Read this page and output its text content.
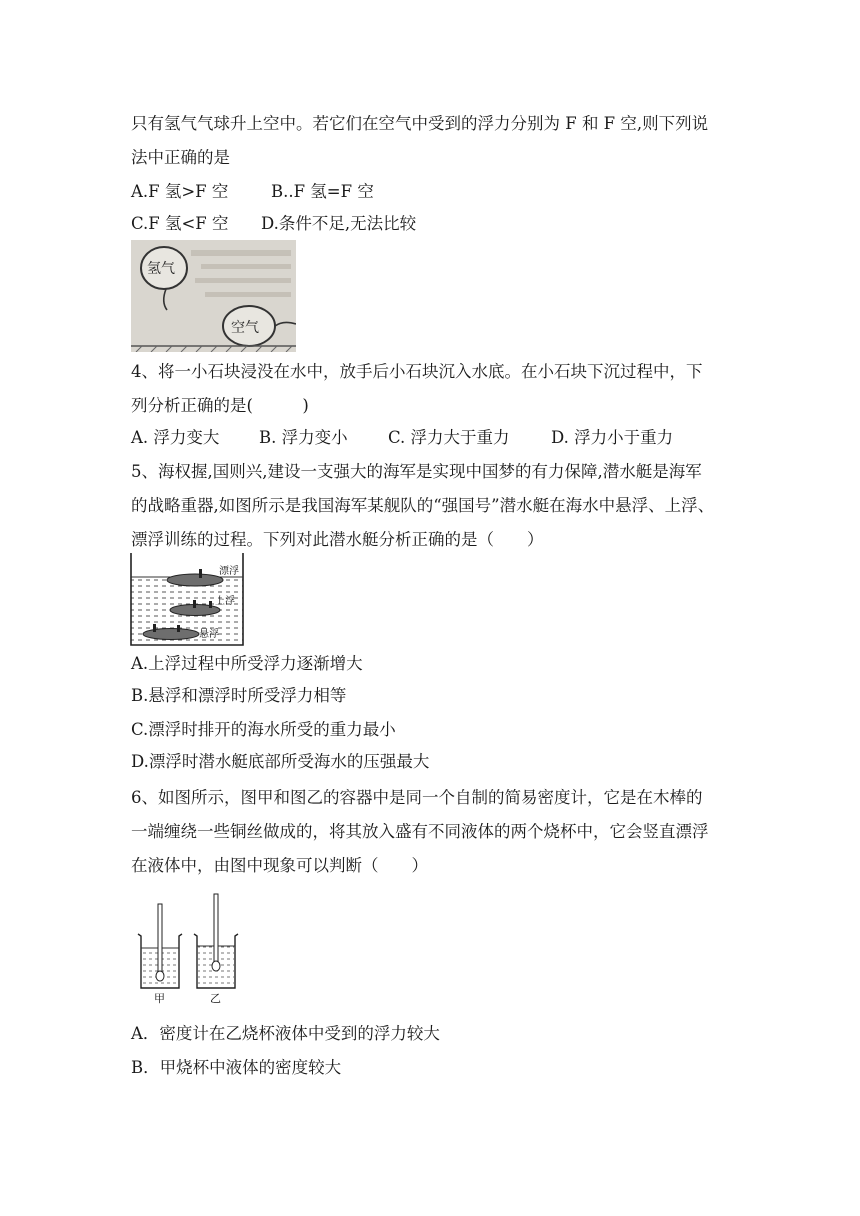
只有氢气气球升上空中。若它们在空气中受到的浮力分别为 F 和 F 空,则下列说
法中正确的是
A.F 氢>F 空	B..F 氢=F 空
C.F 氢<F 空 D.条件不足,无法比较
氢气
空气
4、将一小石块浸没在水中，放手后小石块沉入水底。在小石块下沉过程中，下
列分析正确的是(　　　)
A. 浮力变大 B. 浮力变小 C. 浮力大于重力	D. 浮力小于重力
5、海权握,国则兴,建设一支强大的海军是实现中国梦的有力保障,潜水艇是海军
的战略重器,如图所示是我国海军某舰队的“强国号”潜水艇在海水中悬浮、上浮、
漂浮训练的过程。下列对此潜水艇分析正确的是（　　）
漂浮
上浮
悬浮
A.上浮过程中所受浮力逐渐增大
B.悬浮和漂浮时所受浮力相等
C.漂浮时排开的海水所受的重力最小
D.漂浮时潜水艇底部所受海水的压强最大
6、如图所示，图甲和图乙的容器中是同一个自制的简易密度计，它是在木棒的
一端缠绕一些铜丝做成的，将其放入盛有不同液体的两个烧杯中，它会竖直漂浮
在液体中，由图中现象可以判断（　　）
甲	乙
A．密度计在乙烧杯液体中受到的浮力较大
B．甲烧杯中液体的密度较大
